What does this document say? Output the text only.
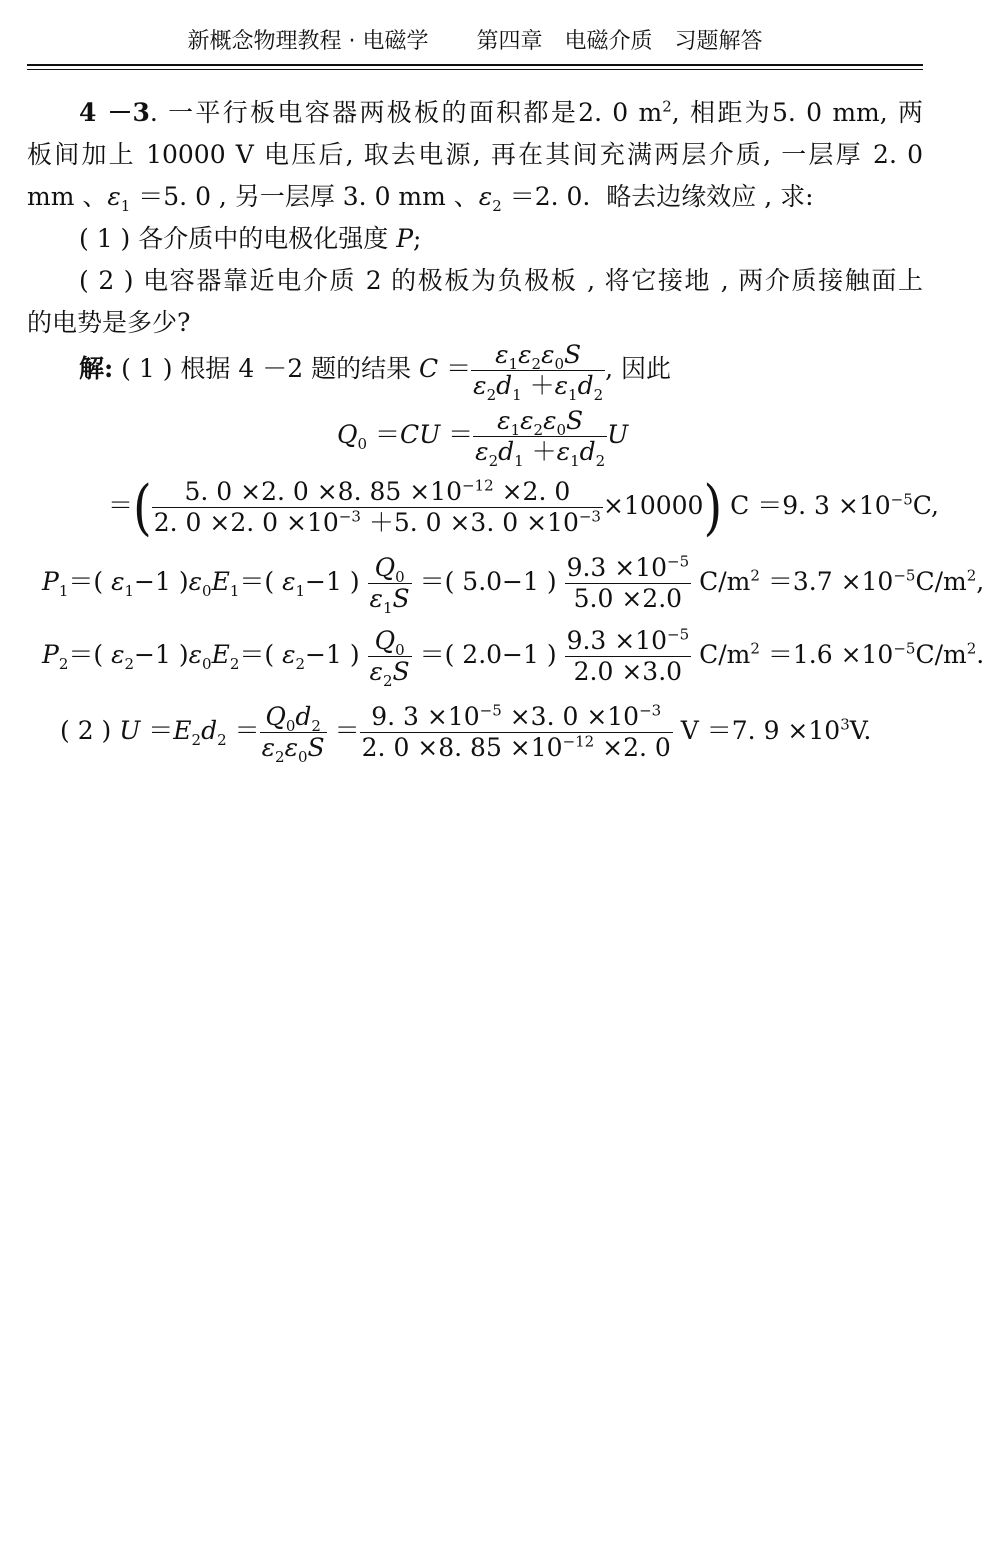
新概念物理教程 · 电磁学 第四章 电磁介质 习题解答
4 －3. 一平行板电容器两极板的面积都是2. 0 $m^2$, 相距为5. 0 mm, 两
板间加上 10000 V 电压后, 取去电源, 再在其间充满两层介质, 一层厚 2. 0
mm 、$\varepsilon_1 =5$. 0 , 另一层厚 3. 0 mm 、$\varepsilon_2 =2$. 0.  略去边缘效应 , 求:
( 1 ) 各介质中的电极化强度 P;
( 2 ) 电容器靠近电介质 2 的极板为负极板 , 将它接地 , 两介质接触面上
的电势是多少?
解: ( 1 ) 根据 4 －2 题的结果 $C = \frac{\varepsilon_1\varepsilon_2\varepsilon_0S}{\varepsilon_2d_1 +\varepsilon_1d_2}$ , 因此
$Q_0 =CU = \frac{\varepsilon_1\varepsilon_2\varepsilon_0S}{\varepsilon_2d_1 +\varepsilon_1d_2}$ U
＝( $\frac{5. 0 \times 2. 0 \times 8. 85 \times 10^{-12} \times 2. 0}{2. 0 \times 2. 0 \times 10^{-3} +5. 0 \times 3. 0 \times 10^{-3}} \times 10000$) C ＝9. $3 \times 10^{-5}C$,
$P_1=$( $\varepsilon_1-1$ )$\varepsilon_0E_1=$( $\varepsilon_1-1$ ) $\frac{Q_0}{\varepsilon_1S}$ ＝( 5.0−1 ) $\frac{9.3 \times 10^{-5}}{5.0 \times 2.0} C/m^2 =3.7 \times 10^{-5}C/m^2$,
$P_2=$( $\varepsilon_2-1$ )$\varepsilon_0E_2=$( $\varepsilon_2-1$ ) $\frac{Q_0}{\varepsilon_2S}$ ＝( 2.0−1 ) $\frac{9.3 \times 10^{-5}}{2.0 \times 3.0} C/m^2 =1.6 \times 10^{-5}C/m^2$.
( 2 ) $U =E_2d_2 = \frac{Q_0d_2}{\varepsilon_2\varepsilon_0S} = \frac{9. 3 \times 10^{-5} \times 3. 0 \times 10^{-3}}{2. 0 \times 8. 85 \times 10^{-12} \times 2. 0}$ V ＝7. $9 \times 10^3V$.
